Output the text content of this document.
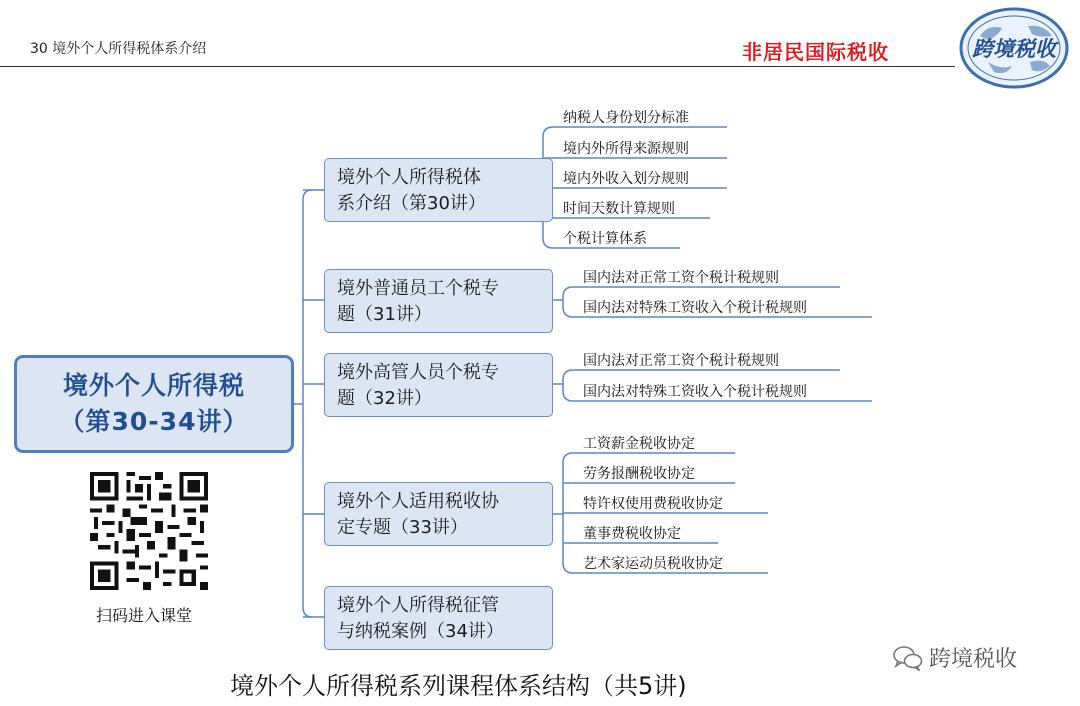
30 境外个人所得税体系介绍	非居民国际税收	跨境税收
境外个人所得税
（第30-34讲）
境外个人所得税体
系介绍（第30讲）
境外普通员工个税专
题（31讲）
境外高管人员个税专
题（32讲）
境外个人适用税收协
定专题（33讲）
境外个人所得税征管
与纳税案例（34讲）
纳税人身份划分标准
境内外所得来源规则
境内外收入划分规则
时间天数计算规则
个税计算体系
国内法对正常工资个税计税规则
国内法对特殊工资收入个税计税规则
国内法对正常工资个税计税规则
国内法对特殊工资收入个税计税规则
工资薪金税收协定
劳务报酬税收协定
特许权使用费税收协定
董事费税收协定
艺术家运动员税收协定
扫码进入课堂
境外个人所得税系列课程体系结构（共5讲)
跨境税收
